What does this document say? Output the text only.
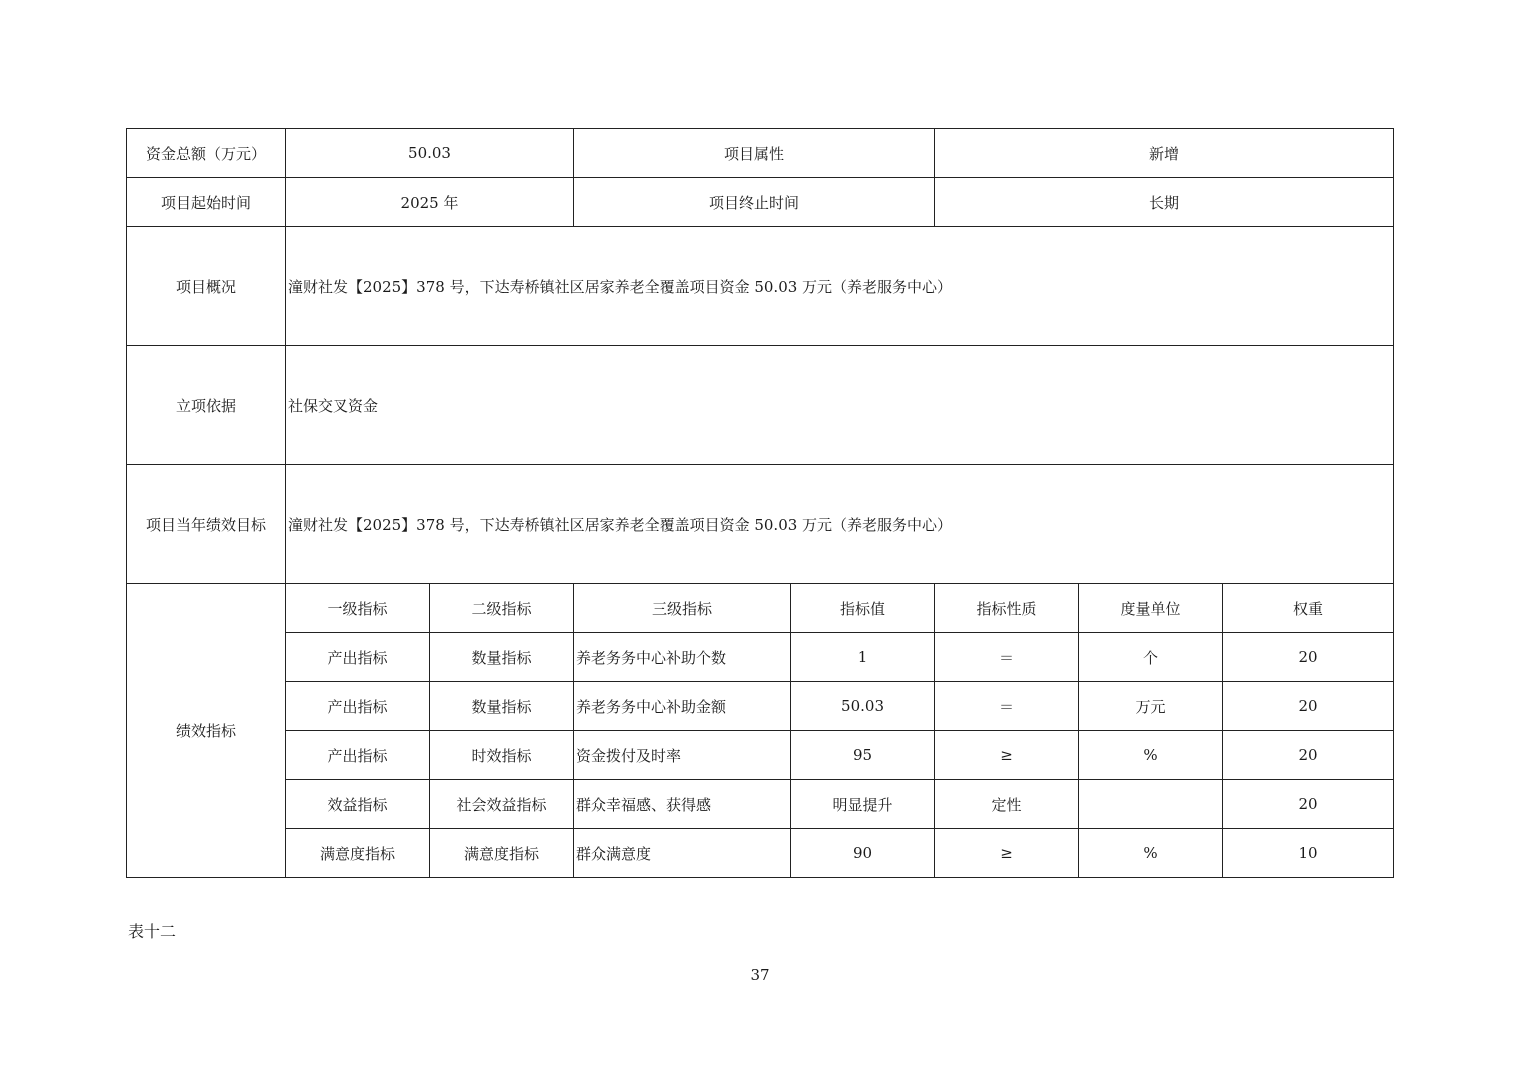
资金总额（万元）	50.03		项目属性		新增		
项目起始时间	2025 年		项目终止时间		长期		
项目概况	潼财社发【2025】378 号，下达寿桥镇社区居家养老全覆盖项目资金 50.03 万元（养老服务中心）						
立项依据	社保交叉资金						
项目当年绩效目标	潼财社发【2025】378 号，下达寿桥镇社区居家养老全覆盖项目资金 50.03 万元（养老服务中心）						
绩效指标	一级指标	二级指标	三级指标	指标值	指标性质	度量单位	权重
	产出指标	数量指标	养老务务中心补助个数	1	＝	个	20
	产出指标	数量指标	养老务务中心补助金额	50.03	＝	万元	20
	产出指标	时效指标	资金拨付及时率	95	≥	%	20
	效益指标	社会效益指标	群众幸福感、获得感	明显提升	定性		20
	满意度指标	满意度指标	群众满意度	90	≥	%	10
表十二
37
